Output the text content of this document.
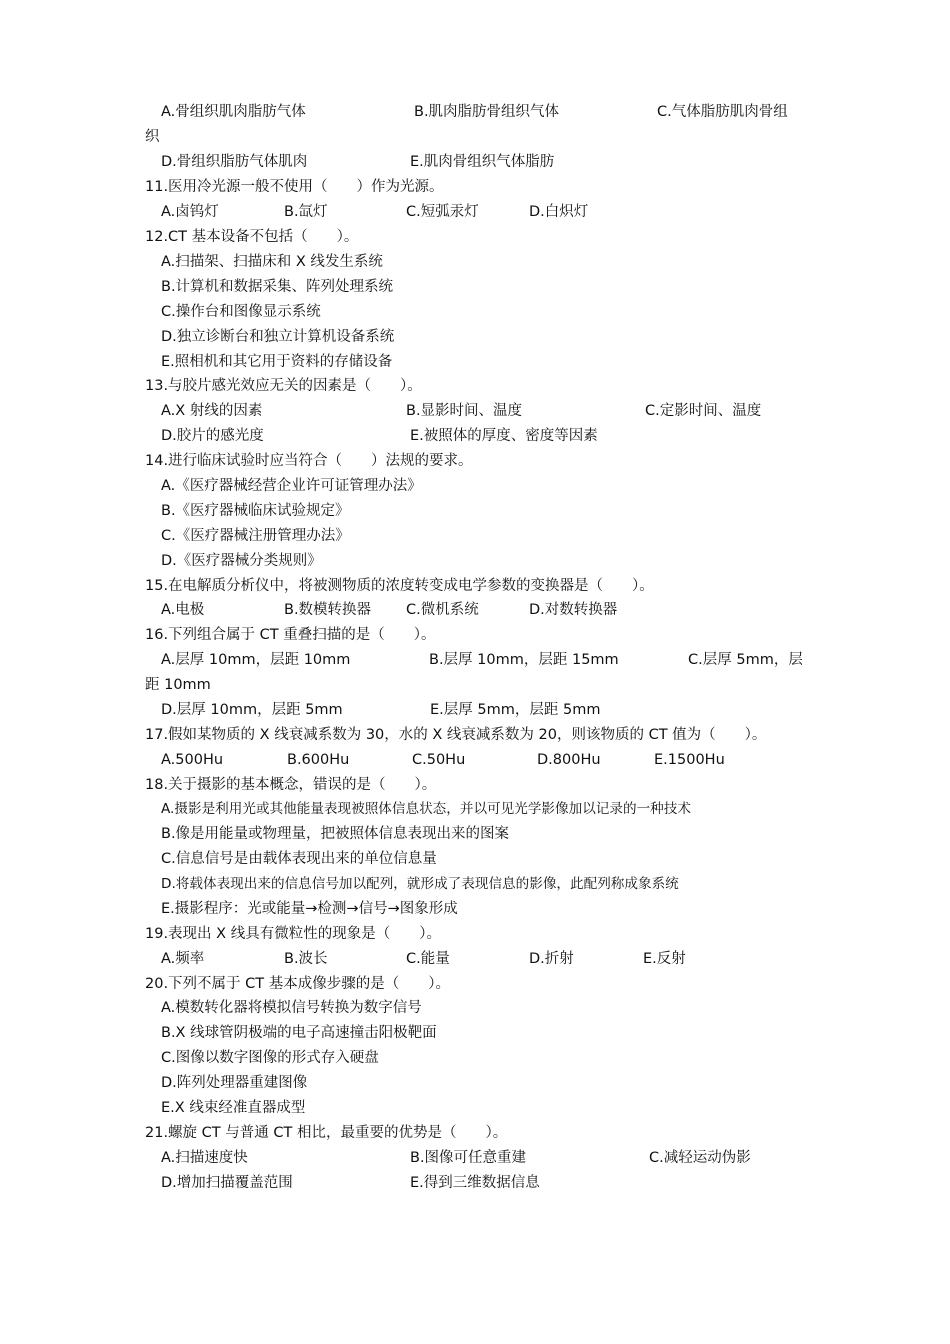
A.骨组织肌肉脂肪气体	B.肌肉脂肪骨组织气体	C.气体脂肪肌肉骨组
织
D.骨组织脂肪气体肌肉	E.肌肉骨组织气体脂肪
11.医用冷光源一般不使用（　　）作为光源。
A.卤钨灯	B.氙灯	C.短弧汞灯	D.白炽灯
12.CT 基本设备不包括（　　）。
A.扫描架、扫描床和 X 线发生系统
B.计算机和数据采集、阵列处理系统
C.操作台和图像显示系统
D.独立诊断台和独立计算机设备系统
E.照相机和其它用于资料的存储设备
13.与胶片感光效应无关的因素是（　　）。
A.X 射线的因素	B.显影时间、温度	C.定影时间、温度
D.胶片的感光度	E.被照体的厚度、密度等因素
14.进行临床试验时应当符合（　　）法规的要求。
A.《医疗器械经营企业许可证管理办法》
B.《医疗器械临床试验规定》
C.《医疗器械注册管理办法》
D.《医疗器械分类规则》
15.在电解质分析仪中，将被测物质的浓度转变成电学参数的变换器是（　　）。
A.电极	B.数模转换器 C.微机系统	D.对数转换器
16.下列组合属于 CT 重叠扫描的是（　　）。
A.层厚 10mm，层距 10mm	B.层厚 10mm，层距 15mm	C.层厚 5mm，层
距 10mm
D.层厚 10mm，层距 5mm	E.层厚 5mm，层距 5mm
17.假如某物质的 X 线衰减系数为 30，水的 X 线衰减系数为 20，则该物质的 CT 值为（　　）。
A.500Hu	B.600Hu	C.50Hu	D.800Hu	E.1500Hu
18.关于摄影的基本概念，错误的是（　　）。
A.摄影是利用光或其他能量表现被照体信息状态，并以可见光学影像加以记录的一种技术
B.像是用能量或物理量，把被照体信息表现出来的图案
C.信息信号是由载体表现出来的单位信息量
D.将载体表现出来的信息信号加以配列，就形成了表现信息的影像，此配列称成象系统
E.摄影程序：光或能量→检测→信号→图象形成
19.表现出 X 线具有微粒性的现象是（　　）。
A.频率	B.波长	C.能量	D.折射	E.反射
20.下列不属于 CT 基本成像步骤的是（　　）。
A.模数转化器将模拟信号转换为数字信号
B.X 线球管阴极端的电子高速撞击阳极靶面
C.图像以数字图像的形式存入硬盘
D.阵列处理器重建图像
E.X 线束经准直器成型
21.螺旋 CT 与普通 CT 相比，最重要的优势是（　　）。
A.扫描速度快	B.图像可任意重建	C.减轻运动伪影
D.增加扫描覆盖范围	E.得到三维数据信息
